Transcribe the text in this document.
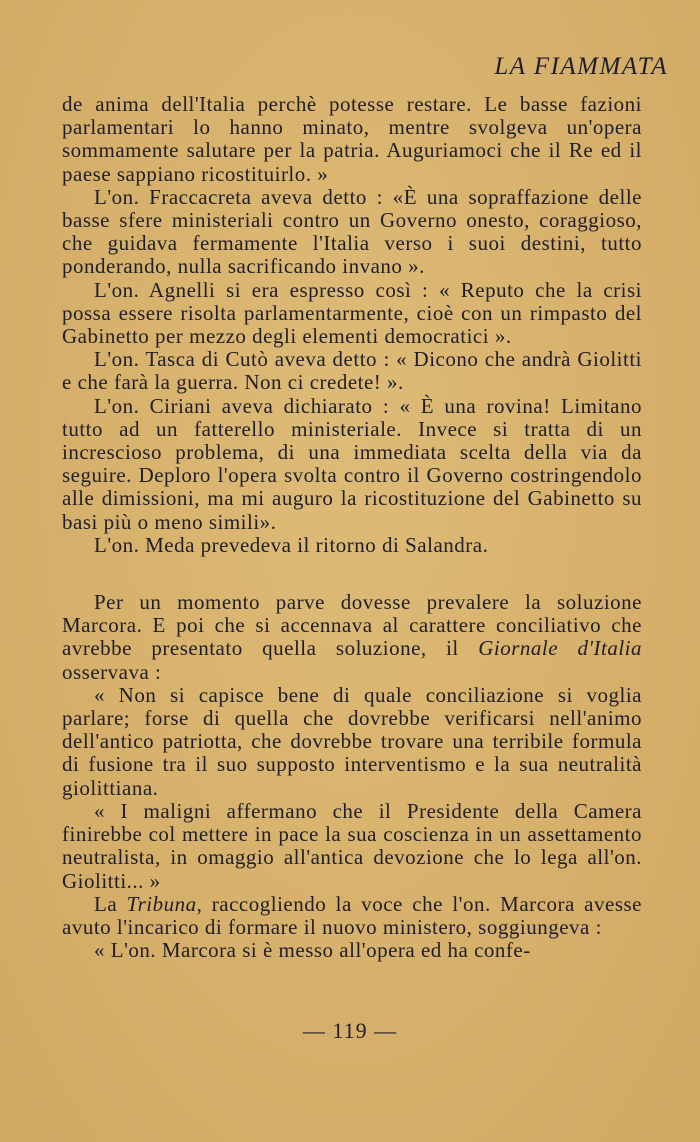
LA FIAMMATA

de anima dell'Italia perchè potesse restare. Le basse fazioni parlamentari lo hanno minato, mentre svolgeva un'opera sommamente salutare per la patria. Auguriamoci che il Re ed il paese sappiano ricostituirlo. »

L'on. Fraccacreta aveva detto : «È una sopraffazione delle basse sfere ministeriali contro un Governo onesto, coraggioso, che guidava fermamente l'Italia verso i suoi destini, tutto ponderando, nulla sacrificando invano ».

L'on. Agnelli si era espresso così : « Reputo che la crisi possa essere risolta parlamentarmente, cioè con un rimpasto del Gabinetto per mezzo degli elementi democratici ».

L'on. Tasca di Cutò aveva detto : « Dicono che andrà Giolitti e che farà la guerra. Non ci credete! ».

L'on. Ciriani aveva dichiarato : « È una rovina! Limitano tutto ad un fatterello ministeriale. Invece si tratta di un increscioso problema, di una immediata scelta della via da seguire. Deploro l'opera svolta contro il Governo costringendolo alle dimissioni, ma mi auguro la ricostituzione del Gabinetto su basi più o meno simili».

L'on. Meda prevedeva il ritorno di Salandra.

Per un momento parve dovesse prevalere la soluzione Marcora. E poi che si accennava al carattere conciliativo che avrebbe presentato quella soluzione, il Giornale d'Italia osservava :

« Non si capisce bene di quale conciliazione si voglia parlare; forse di quella che dovrebbe verificarsi nell'animo dell'antico patriotta, che dovrebbe trovare una terribile formula di fusione tra il suo supposto interventismo e la sua neutralità giolittiana.

« I maligni affermano che il Presidente della Camera finirebbe col mettere in pace la sua coscienza in un assettamento neutralista, in omaggio all'antica devozione che lo lega all'on. Giolitti... »

La Tribuna, raccogliendo la voce che l'on. Marcora avesse avuto l'incarico di formare il nuovo ministero, soggiungeva :

« L'on. Marcora si è messo all'opera ed ha confe-

— 119 —
